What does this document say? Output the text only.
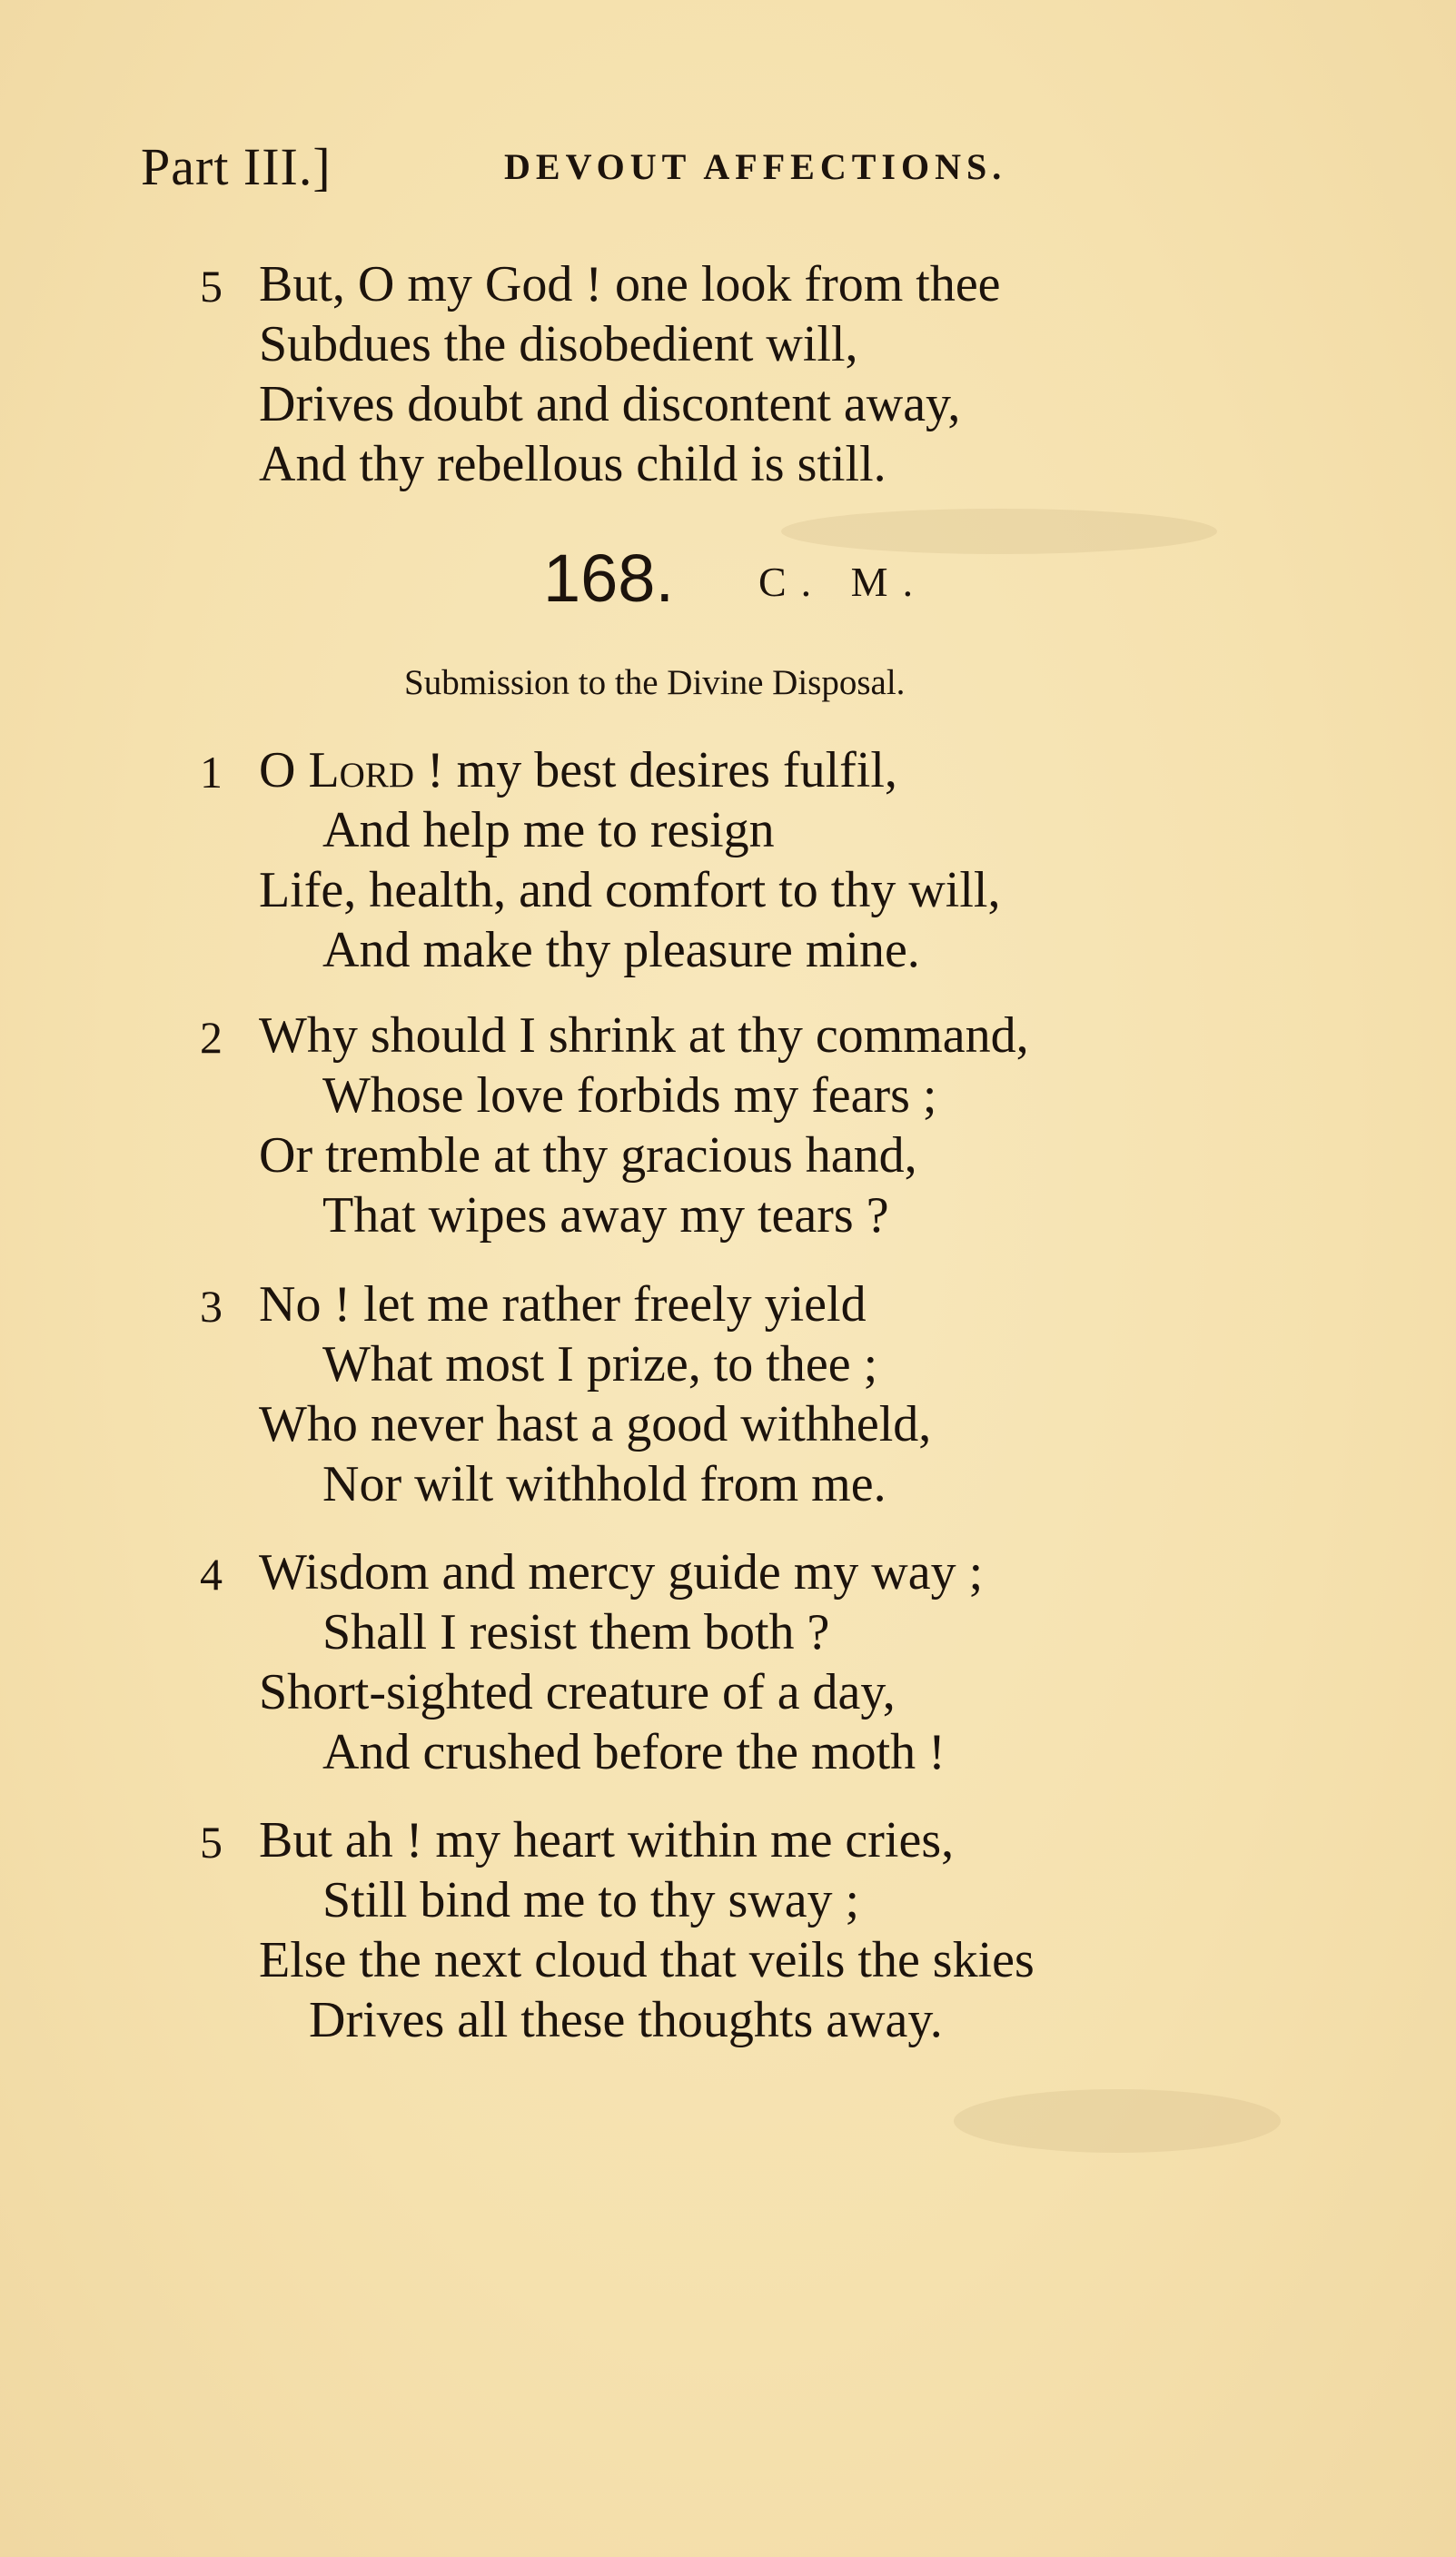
Part III.]	DEVOUT AFFECTIONS.
5 But, O my God ! one look from thee
Subdues the disobedient will,
Drives doubt and discontent away,
And thy rebellous child is still.
168. C. M.
Submission to the Divine Disposal.
1 O Lord ! my best desires fulfil,
And help me to resign
Life, health, and comfort to thy will,
And make thy pleasure mine.
2 Why should I shrink at thy command,
Whose love forbids my fears ;
Or tremble at thy gracious hand,
That wipes away my tears ?
3 No ! let me rather freely yield
What most I prize, to thee ;
Who never hast a good withheld,
Nor wilt withhold from me.
4 Wisdom and mercy guide my way ;
Shall I resist them both ?
Short-sighted creature of a day,
And crushed before the moth !
5 But ah ! my heart within me cries,
Still bind me to thy sway ;
Else the next cloud that veils the skies
Drives all these thoughts away.
